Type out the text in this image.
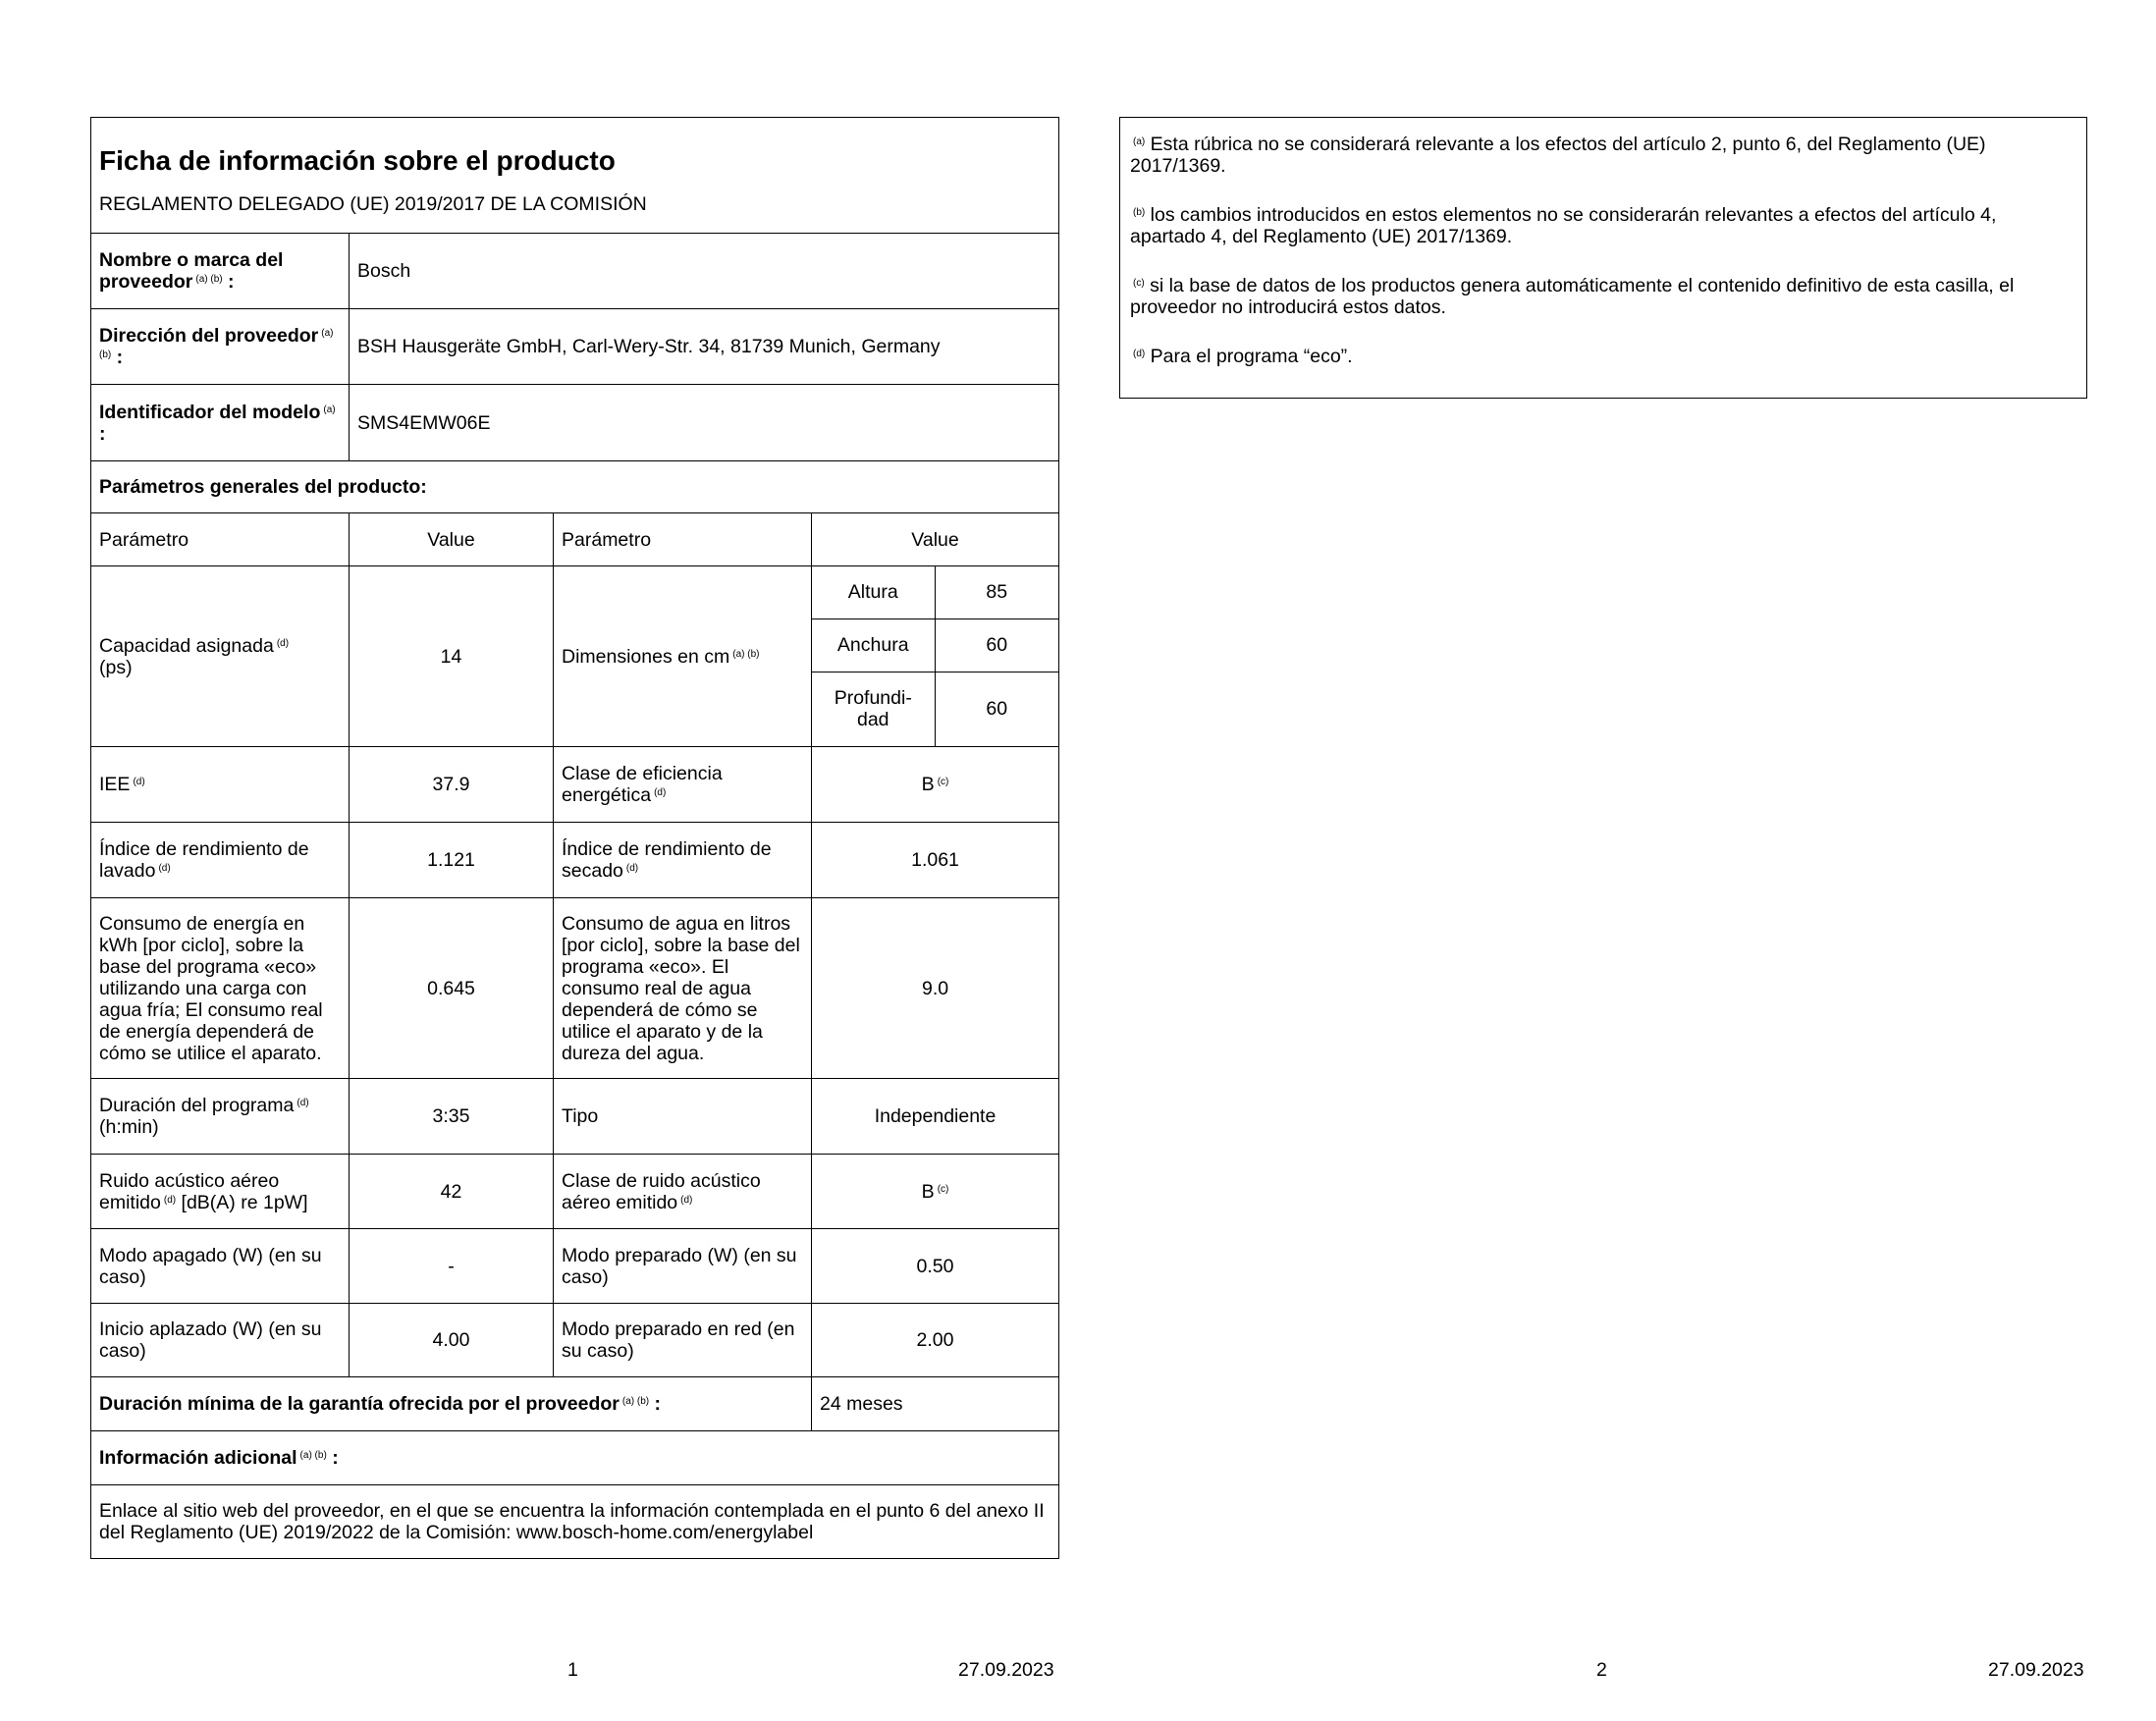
Ficha de información sobre el producto
REGLAMENTO DELEGADO (UE) 2019/2017 DE LA COMISIÓN
Nombre o marca del proveedor $^{(a) (b)}$ :	Bosch
Dirección del proveedor $^{(a) (b)}$ :	BSH Hausgeräte GmbH, Carl-Wery-Str. 34, 81739 Munich, Germany
Identificador del modelo $^{(a)}$ :	SMS4EMW06E
Parámetros generales del producto:
Parámetro	Value	Parámetro	Value
Capacidad asignada $^{(d)}$
(ps)	14	Dimensiones en cm $^{(a) (b)}$	
Altura	85
Anchura	60
Profundi-dad	60

IEE $^{(d)}$	37.9	Clase de eficiencia energética $^{(d)}$	B $^{(c)}$
Índice de rendimiento de lavado $^{(d)}$	1.121	Índice de rendimiento de secado $^{(d)}$	1.061
Consumo de energía en kWh [por ciclo], sobre la base del programa «eco» utilizando una carga con agua fría; El consumo real de energía dependerá de cómo se utilice el aparato.	0.645	Consumo de agua en litros [por ciclo], sobre la base del programa «eco». El consumo real de agua dependerá de cómo se utilice el aparato y de la dureza del agua.	9.0
Duración del programa $^{(d)}$
(h:min)	3:35	Tipo	Independiente
Ruido acústico aéreo emitido $^{(d)}$ [dB(A) re 1pW]	42	Clase de ruido acústico aéreo emitido $^{(d)}$	B $^{(c)}$
Modo apagado (W) (en su caso)	-	Modo preparado (W) (en su caso)	0.50
Inicio aplazado (W) (en su caso)	4.00	Modo preparado en red (en su caso)	2.00
Duración mínima de la garantía ofrecida por el proveedor $^{(a) (b)}$ :	24 meses
Información adicional $^{(a) (b)}$ :
Enlace al sitio web del proveedor, en el que se encuentra la información contemplada en el punto 6 del anexo II del Reglamento (UE) 2019/2022 de la Comisión: www.bosch-home.com/energylabel
$^{(a)}$ Esta rúbrica no se considerará relevante a los efectos del artículo 2, punto 6, del Reglamento (UE) 2017/1369.
$^{(b)}$ los cambios introducidos en estos elementos no se considerarán relevantes a efectos del artículo 4, apartado 4, del Reglamento (UE) 2017/1369.
$^{(c)}$ si la base de datos de los productos genera automáticamente el contenido definitivo de esta casilla, el proveedor no introducirá estos datos.
$^{(d)}$ Para el programa “eco”.
1	27.09.2023	2	27.09.2023
